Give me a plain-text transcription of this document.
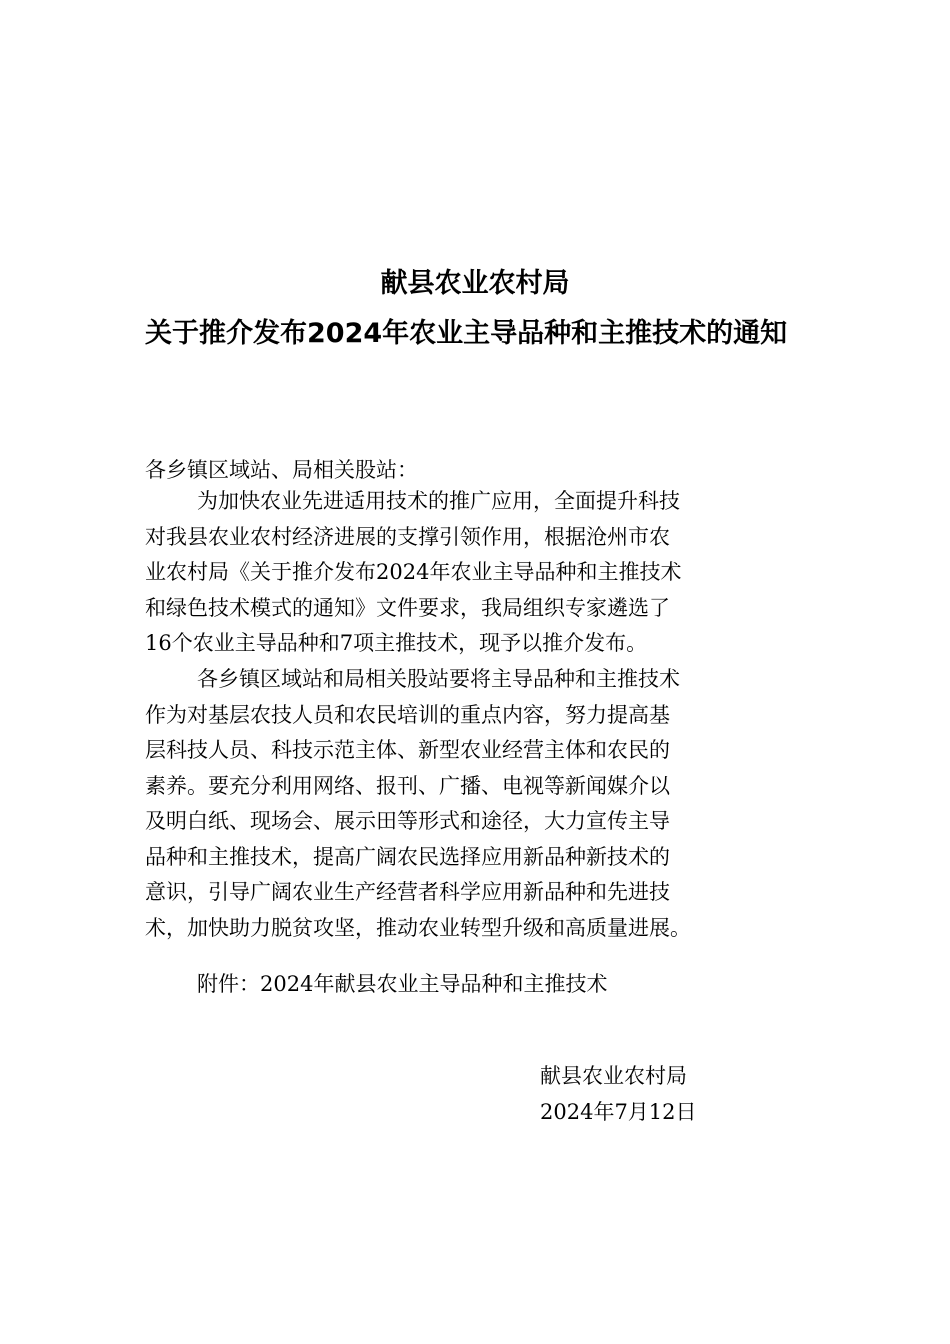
献县农业农村局
关于推介发布2024年农业主导品种和主推技术的通知
各乡镇区域站、局相关股站：
为加快农业先进适用技术的推广应用，全面提升科技
对我县农业农村经济进展的支撑引领作用，根据沧州市农
业农村局《关于推介发布2024年农业主导品种和主推技术
和绿色技术模式的通知》文件要求，我局组织专家遴选了
16个农业主导品种和7项主推技术，现予以推介发布。
各乡镇区域站和局相关股站要将主导品种和主推技术
作为对基层农技人员和农民培训的重点内容，努力提高基
层科技人员、科技示范主体、新型农业经营主体和农民的
素养。要充分利用网络、报刊、广播、电视等新闻媒介以
及明白纸、现场会、展示田等形式和途径，大力宣传主导
品种和主推技术，提高广阔农民选择应用新品种新技术的
意识，引导广阔农业生产经营者科学应用新品种和先进技
术，加快助力脱贫攻坚，推动农业转型升级和高质量进展。
附件：2024年献县农业主导品种和主推技术
献县农业农村局
2024年7月12日
